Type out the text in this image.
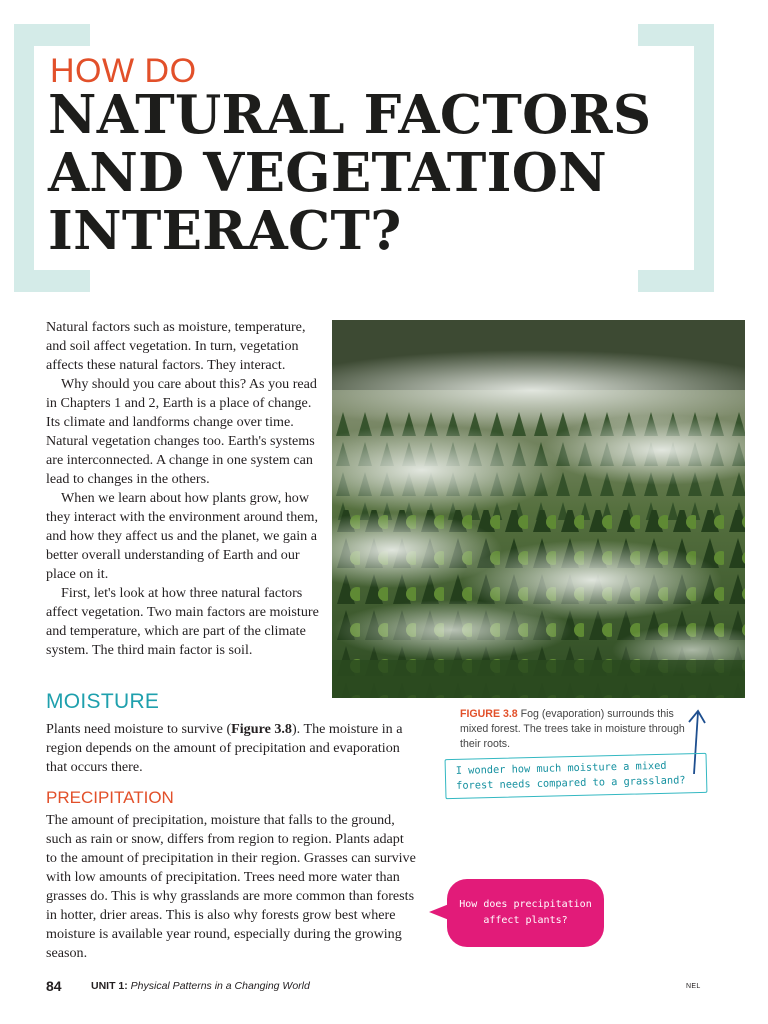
HOW DO
NATURAL FACTORS
AND VEGETATION
INTERACT?

Natural factors such as moisture, temperature, and soil affect vegetation. In turn, vegetation affects these natural factors. They interact.

Why should you care about this? As you read in Chapters 1 and 2, Earth is a place of change. Its climate and landforms change over time. Natural vegetation changes too. Earth's systems are interconnected. A change in one system can lead to changes in the others.

When we learn about how plants grow, how they interact with the environment around them, and how they affect us and the planet, we gain a better overall understanding of Earth and our place on it.

First, let's look at how three natural factors affect vegetation. Two main factors are moisture and temperature, which are part of the climate system. The third main factor is soil.

FIGURE 3.8 Fog (evaporation) surrounds this mixed forest. The trees take in moisture through their roots.
I wonder how much moisture a mixed forest needs compared to a grassland?
MOISTURE

Plants need moisture to survive (Figure 3.8). The moisture in a region depends on the amount of precipitation and evaporation that occurs there.

PRECIPITATION

The amount of precipitation, moisture that falls to the ground, such as rain or snow, differs from region to region. Plants adapt to the amount of precipitation in their region. Grasses can survive with low amounts of precipitation. Trees need more water than grasses do. This is why grasslands are more common than forests in hotter, drier areas. This is also why forests grow best where moisture is available year round, especially during the growing season.

How does precipitation affect plants?
84	UNIT 1: Physical Patterns in a Changing World	NEL
